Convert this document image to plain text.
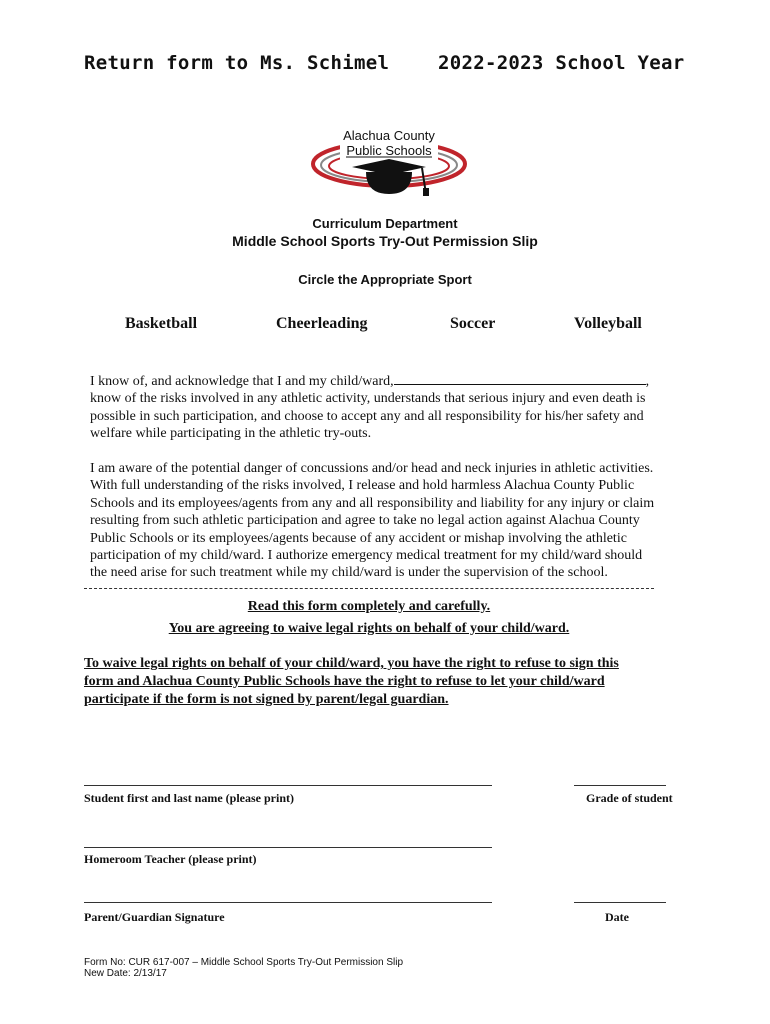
Return form to Ms. Schimel	2022-2023 School Year
Alachua County
Public Schools
Curriculum Department
Middle School Sports Try-Out Permission Slip
Circle the Appropriate Sport
Basketball	Cheerleading	Soccer	Volleyball
I know of, and acknowledge that I and my child/ward,	,
know of the risks involved in any athletic activity, understands that serious injury and even death is
possible in such participation, and choose to accept any and all responsibility for his/her safety and
welfare while participating in the athletic try-outs.
I am aware of the potential danger of concussions and/or head and neck injuries in athletic activities.
With full understanding of the risks involved, I release and hold harmless Alachua County Public
Schools and its employees/agents from any and all responsibility and liability for any injury or claim
resulting from such athletic participation and agree to take no legal action against Alachua County
Public Schools or its employees/agents because of any accident or mishap involving the athletic
participation of my child/ward. I authorize emergency medical treatment for my child/ward should
the need arise for such treatment while my child/ward is under the supervision of the school.
Read this form completely and carefully.
You are agreeing to waive legal rights on behalf of your child/ward.
To waive legal rights on behalf of your child/ward, you have the right to refuse to sign this
form and Alachua County Public Schools have the right to refuse to let your child/ward
participate if the form is not signed by parent/legal guardian.
Student first and last name (please print)	Grade of student
Homeroom Teacher (please print)
Parent/Guardian Signature	Date
Form No: CUR 617-007 – Middle School Sports Try-Out Permission Slip
New Date: 2/13/17
